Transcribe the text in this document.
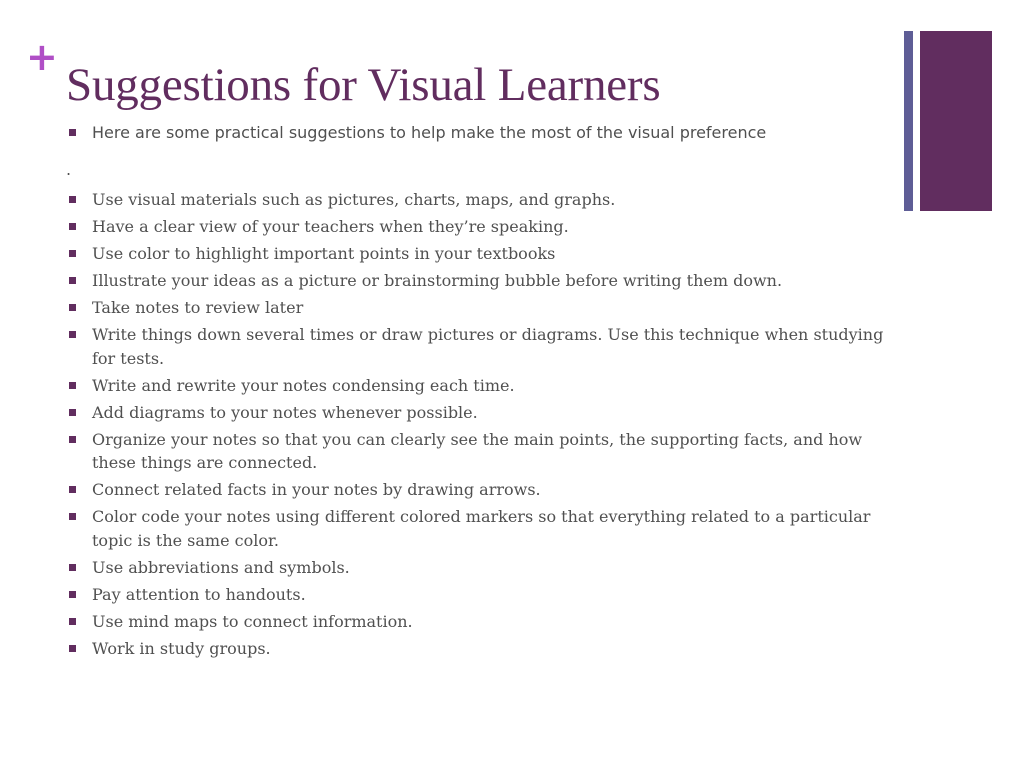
+
Suggestions for Visual Learners
Here are some practical suggestions to help make the most of the visual preference
.
Use visual materials such as pictures, charts, maps, and graphs.
Have a clear view of your teachers when they’re speaking.
Use color to highlight important points in your textbooks
Illustrate your ideas as a picture or brainstorming bubble before writing them down.
Take notes to review later
Write things down several times or draw pictures or diagrams. Use this technique when studying for tests.
Write and rewrite your notes condensing each time.
Add diagrams to your notes whenever possible.
Organize your notes so that you can clearly see the main points, the supporting facts, and how these things are connected.
Connect related facts in your notes by drawing arrows.
Color code your notes using different colored markers so that everything related to a particular topic is the same color.
Use abbreviations and symbols.
Pay attention to handouts.
Use mind maps to connect information.
Work in study groups.
